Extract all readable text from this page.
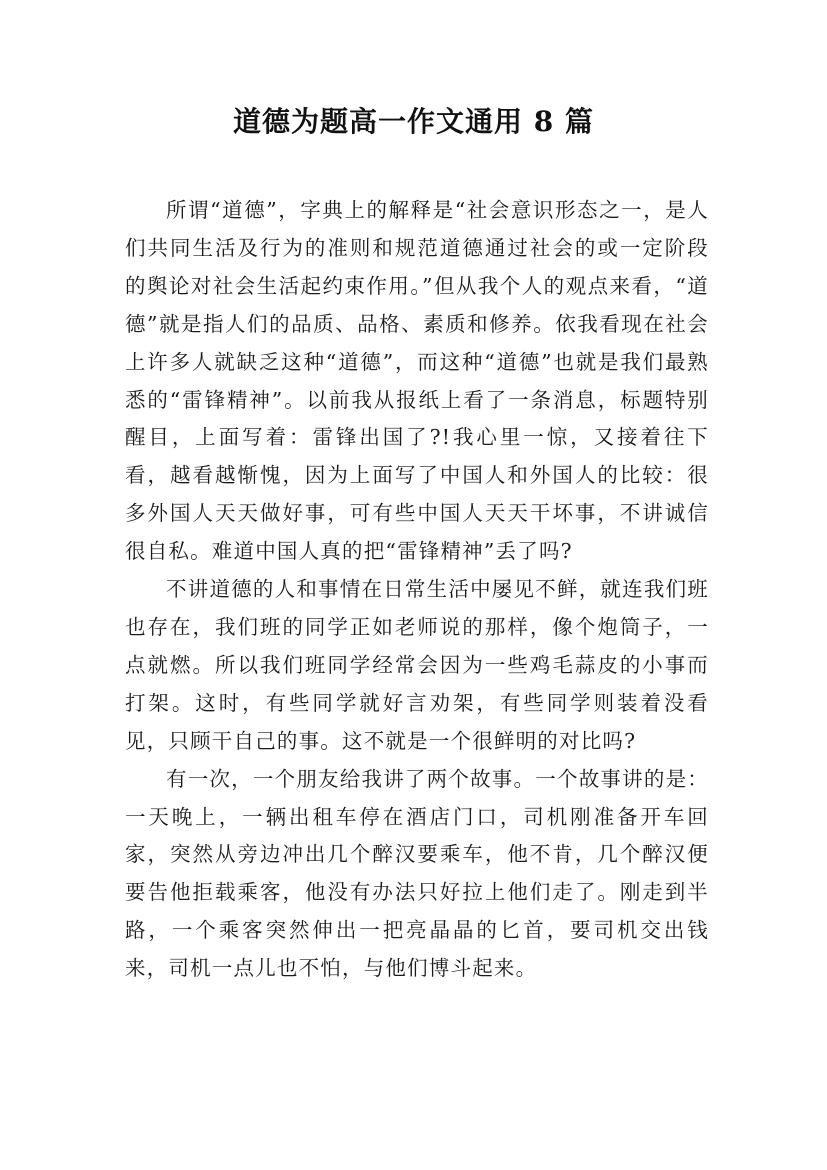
道德为题高一作文通用 8 篇

所谓“道德”，字典上的解释是“社会意识形态之一，是人们共同生活及行为的准则和规范道德通过社会的或一定阶段的舆论对社会生活起约束作用。”但从我个人的观点来看，“道德”就是指人们的品质、品格、素质和修养。依我看现在社会上许多人就缺乏这种“道德”，而这种“道德”也就是我们最熟悉的“雷锋精神”。以前我从报纸上看了一条消息，标题特别醒目，上面写着：雷锋出国了?!我心里一惊，又接着往下看，越看越惭愧，因为上面写了中国人和外国人的比较：很多外国人天天做好事，可有些中国人天天干坏事，不讲诚信很自私。难道中国人真的把“雷锋精神”丢了吗?

不讲道德的人和事情在日常生活中屡见不鲜，就连我们班也存在，我们班的同学正如老师说的那样，像个炮筒子，一点就燃。所以我们班同学经常会因为一些鸡毛蒜皮的小事而打架。这时，有些同学就好言劝架，有些同学则装着没看见，只顾干自己的事。这不就是一个很鲜明的对比吗?

有一次，一个朋友给我讲了两个故事。一个故事讲的是：一天晚上，一辆出租车停在酒店门口，司机刚准备开车回家，突然从旁边冲出几个醉汉要乘车，他不肯，几个醉汉便要告他拒载乘客，他没有办法只好拉上他们走了。刚走到半路，一个乘客突然伸出一把亮晶晶的匕首，要司机交出钱来，司机一点儿也不怕，与他们博斗起来。
